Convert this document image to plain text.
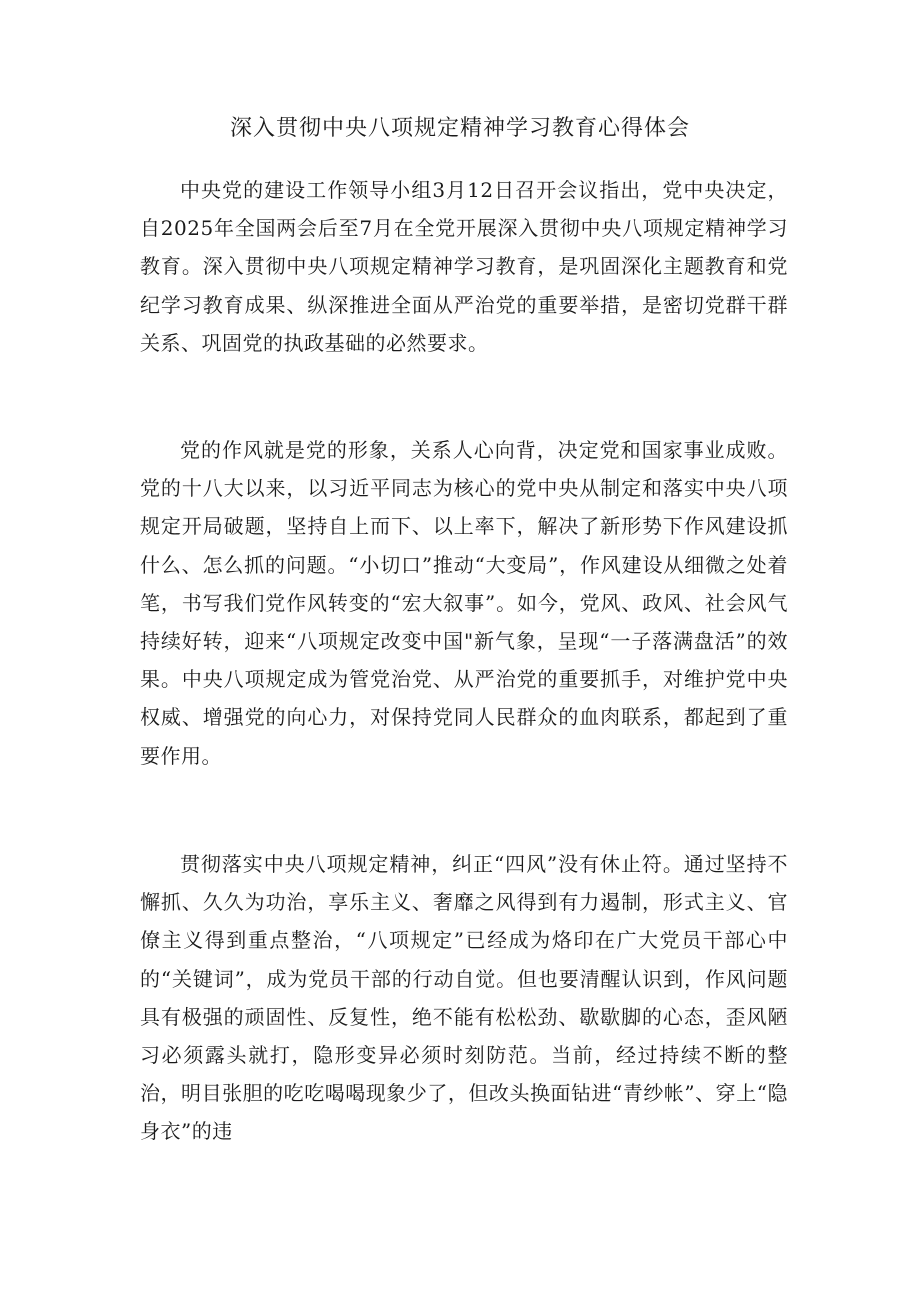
深入贯彻中央八项规定精神学习教育心得体会

中央党的建设工作领导小组3月12日召开会议指出，党中央决定，自2025年全国两会后至7月在全党开展深入贯彻中央八项规定精神学习教育。深入贯彻中央八项规定精神学习教育，是巩固深化主题教育和党纪学习教育成果、纵深推进全面从严治党的重要举措，是密切党群干群关系、巩固党的执政基础的必然要求。

党的作风就是党的形象，关系人心向背，决定党和国家事业成败。党的十八大以来，以习近平同志为核心的党中央从制定和落实中央八项规定开局破题，坚持自上而下、以上率下，解决了新形势下作风建设抓什么、怎么抓的问题。“小切口”推动“大变局”，作风建设从细微之处着笔，书写我们党作风转变的“宏大叙事”。如今，党风、政风、社会风气持续好转，迎来“八项规定改变中国"新气象，呈现“一子落满盘活”的效果。中央八项规定成为管党治党、从严治党的重要抓手，对维护党中央权威、增强党的向心力，对保持党同人民群众的血肉联系，都起到了重要作用。

贯彻落实中央八项规定精神，纠正“四风”没有休止符。通过坚持不懈抓、久久为功治，享乐主义、奢靡之风得到有力遏制，形式主义、官僚主义得到重点整治，“八项规定”已经成为烙印在广大党员干部心中的“关键词”，成为党员干部的行动自觉。但也要清醒认识到，作风问题具有极强的顽固性、反复性，绝不能有松松劲、歇歇脚的心态，歪风陋习必须露头就打，隐形变异必须时刻防范。当前，经过持续不断的整治，明目张胆的吃吃喝喝现象少了，但改头换面钻进“青纱帐”、穿上“隐身衣”的违
